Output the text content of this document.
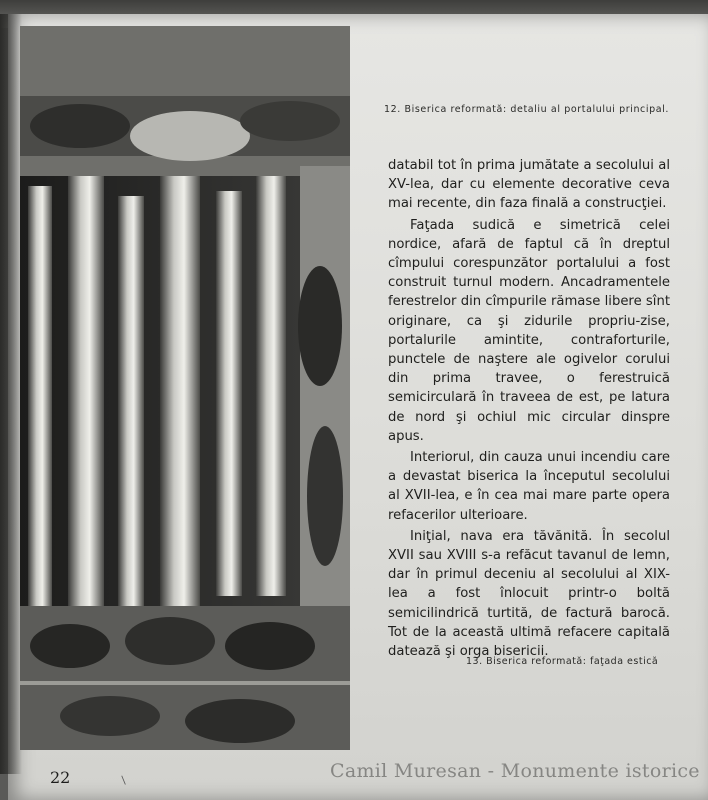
12. Biserica reformată: detaliu al portalului principal.

databil tot în prima jumătate a secolului al XV-lea, dar cu elemente decorative ceva mai recente, din faza finală a construcţiei.

Faţada sudică e simetrică celei nordice, afară de faptul că în dreptul cîmpului corespunzător portalului a fost construit turnul modern. Ancadramentele ferestrelor din cîmpurile rămase libere sînt originare, ca şi zidurile propriu-zise, portalurile amintite, contraforturile, punctele de naştere ale ogivelor corului din prima travee, o ferestruică semicirculară în traveea de est, pe latura de nord şi ochiul mic circular dinspre apus.

Interiorul, din cauza unui incendiu care a devastat biserica la începutul secolului al XVII-lea, e în cea mai mare parte opera refacerilor ulterioare.

Iniţial, nava era tăvănită. În secolul XVII sau XVIII s-a refăcut tavanul de lemn, dar în primul deceniu al secolului al XIX-lea a fost înlocuit printr-o boltă semicilindrică turtită, de factură barocă. Tot de la această ultimă refacere capitală datează şi orga bisericii.

13. Biserica reformată: faţada estică
22	/	Camil Muresan - Monumente istorice
